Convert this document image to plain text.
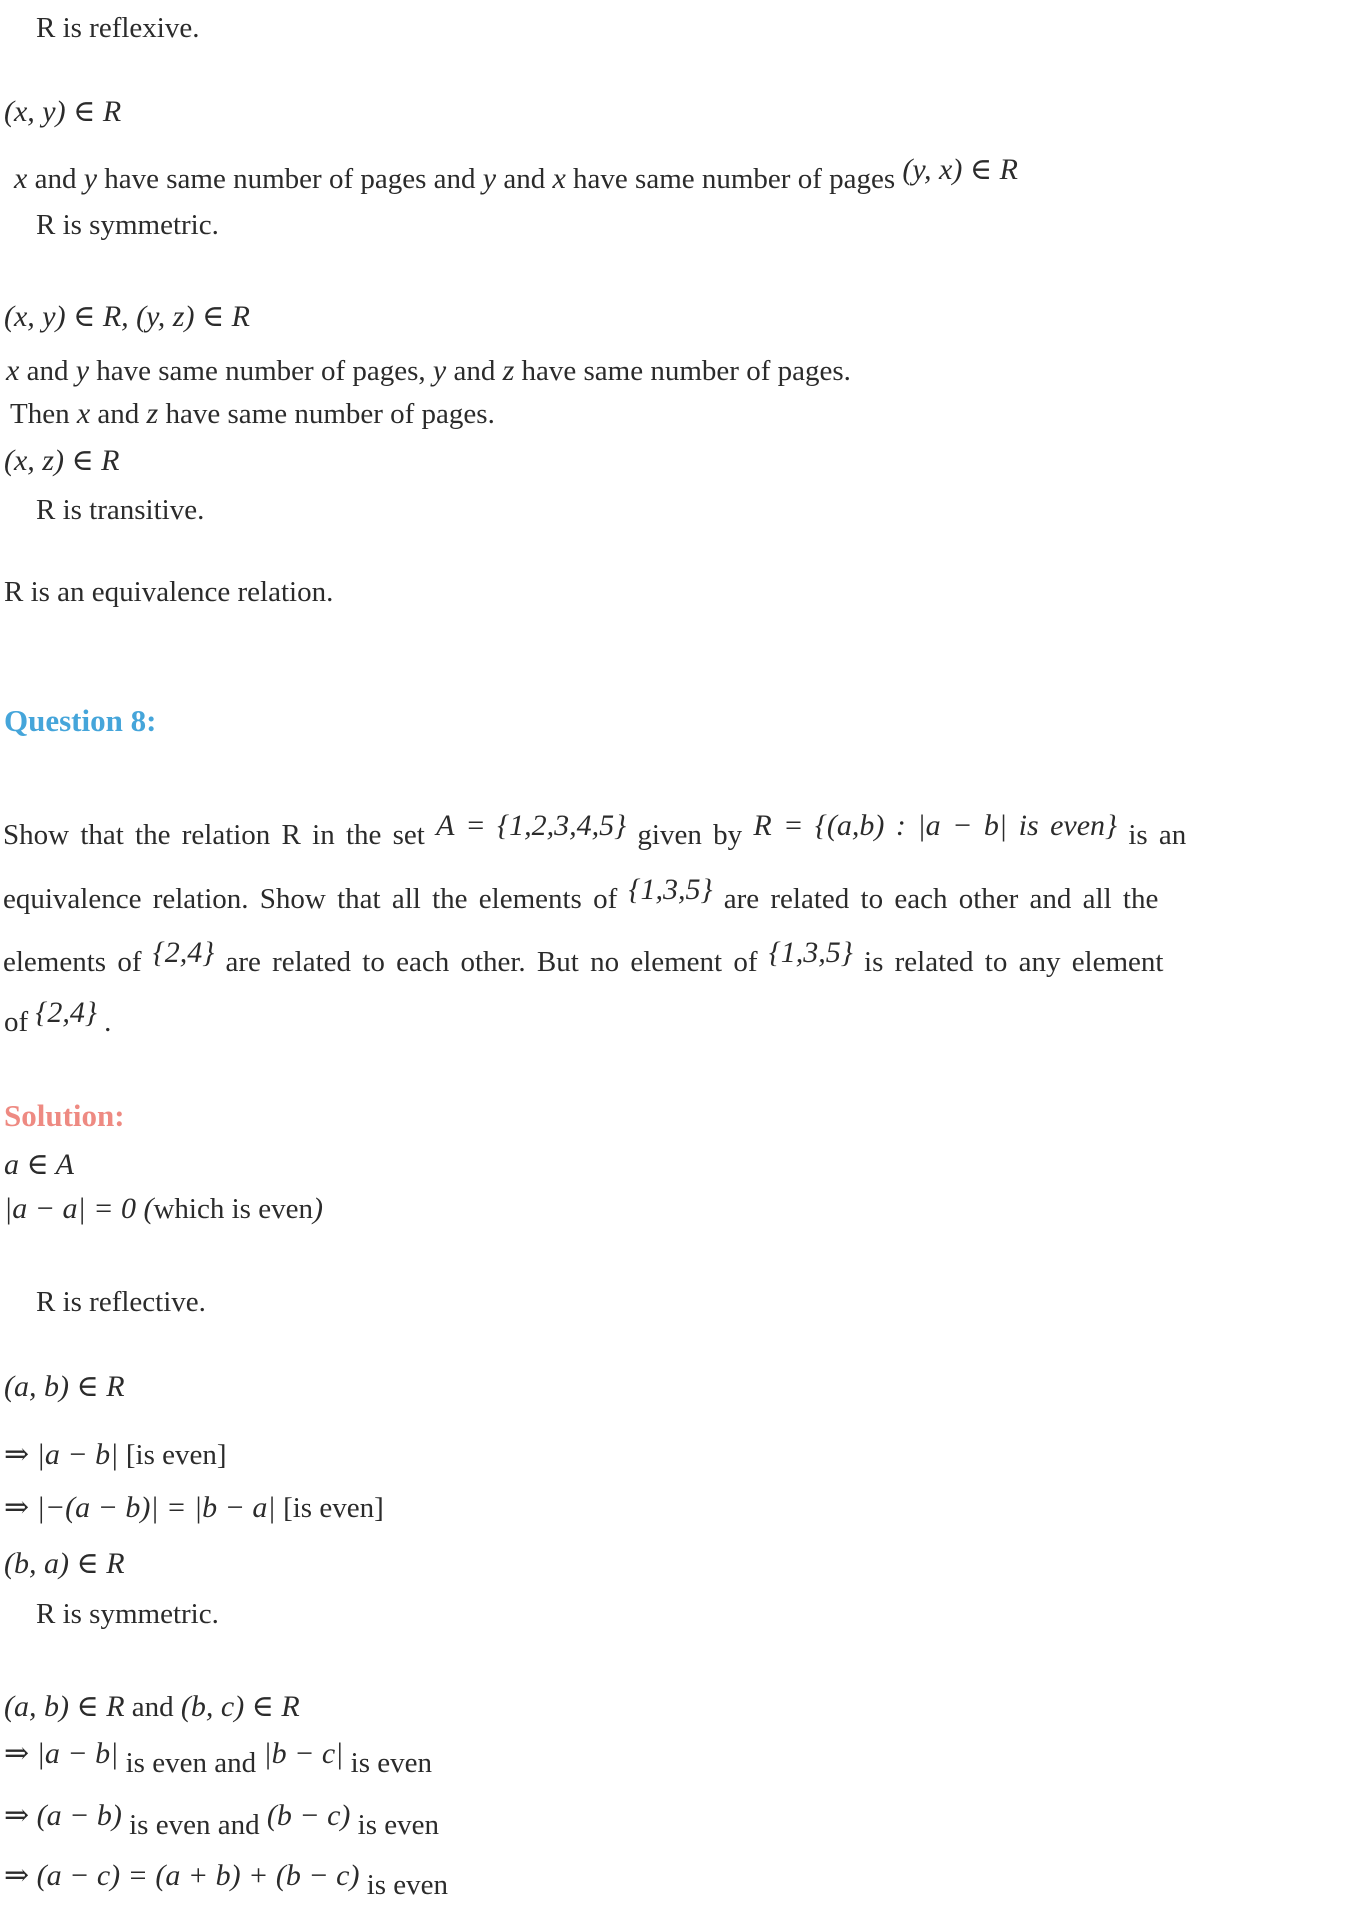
R is reflexive.
(x, y) ∈ R
x and y have same number of pages and y and x have same number of pages (y, x) ∈ R
R is symmetric.
(x, y) ∈ R, (y, z) ∈ R
x and y have same number of pages, y and z have same number of pages.
Then x and z have same number of pages.
(x, z) ∈ R
R is transitive.
R is an equivalence relation.
Question 8:
Show that the relation R in the set A = {1,2,3,4,5} given by R = {(a,b) : |a − b| is even} is an
equivalence relation. Show that all the elements of {1,3,5} are related to each other and all the
elements of {2,4} are related to each other. But no element of {1,3,5} is related to any element
of {2,4} .
Solution:
a ∈ A
|a − a| = 0 (which is even)
R is reflective.
(a, b) ∈ R
⇒ |a − b| [is even]
⇒ |−(a − b)| = |b − a| [is even]
(b, a) ∈ R
R is symmetric.
(a, b) ∈ R and (b, c) ∈ R
⇒ |a − b| is even and |b − c| is even
⇒ (a − b) is even and (b − c) is even
⇒ (a − c) = (a + b) + (b − c) is even
